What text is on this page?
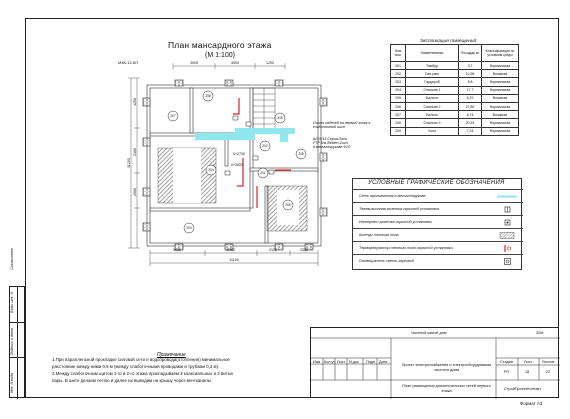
Инв. N подл.
Подпись и дата
Взам. инв. N
Согласовано
План мансардного этажа
(М 1:100)
М4К-12-КП
207
208
204
202
201
206
209
205
203
3000	3000	1200
3400	3400	2100	2350
11100
0+2700
0+2600
1250
2100
2500
11200
Отсек кабелей на первый этаж в слаботочный шит
ШЭЭ/13 Cерия-3шт.
FTP 5нк Belden-2шт
в металлорукаве Ф20
Экспликация помещений
Ном пом.	Наименование	Площадь м²	Классификация по условиям среды
201	Тамбур	3,7	Нормальная
202	Сан.узел	10,56	Влажная
203	Гардероб	5,8	Нормальная
204	Спальня 1	17,7	Нормальная
205	Балкон	6,29	Влажная
206	Спальня 2	27,89	Нормальная
207	Балкон	6,74	Влажная
208	Спальня 3	20,23	Нормальная
209	Холл	7,24	Нормальная
УСЛОВНЫЕ ГРАФИЧЕСКИЕ ОБОЗНАЧЕНИЯ
Сеть проложенная в металлорукаве
Телевизионная розетка скрытой установки
Интернет розетка скрытой установки
Контур теплого пола
Терморегулятор теплого пола скрытой установки
Оповещатель свето-звуковой
Примечание
1.При параллельной прокладке силовой сети и водопровода(отопления) минимальное
расстояние между ними 0,5 м (между слаботочными проводами и трубами 0,3 м).
2.Между слаботочным щитом 1-го и 2-го этажа прокладываем 3 коаксиальных и 2 витых
пары. В шите делаем петлю и далее их выводим на крышу через вентканалы.
Частный жилой дом	30М
Изм Кол.уч Лист N док Подп Дата
Проект электроснабжения и электрооборудования частного дома
План размещения дополнительных сетей первого этажа
Стадия	Лист	Листов
РП	18	22
СтройПроектКонтакт
Формат А3
